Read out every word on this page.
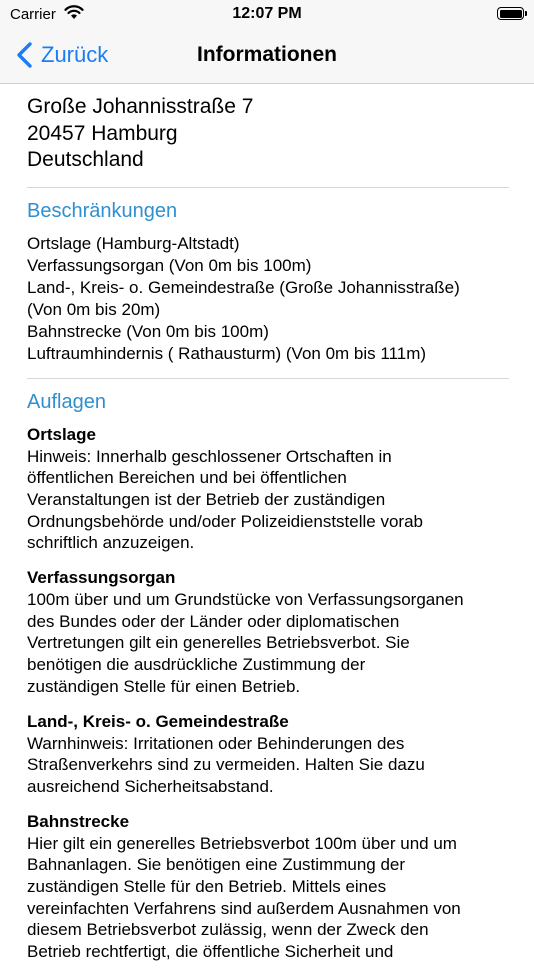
Carrier	12:07 PM
Zurück	Informationen
Große Johannisstraße 7
20457 Hamburg
Deutschland
Beschränkungen
Ortslage (Hamburg-Altstadt)
Verfassungsorgan (Von 0m bis 100m)
Land-, Kreis- o. Gemeindestraße (Große Johannisstraße)
(Von 0m bis 20m)
Bahnstrecke (Von 0m bis 100m)
Luftraumhindernis ( Rathausturm) (Von 0m bis 111m)
Auflagen
Ortslage
Hinweis: Innerhalb geschlossener Ortschaften in
öffentlichen Bereichen und bei öffentlichen
Veranstaltungen ist der Betrieb der zuständigen
Ordnungsbehörde und/oder Polizeidienststelle vorab
schriftlich anzuzeigen.
Verfassungsorgan
100m über und um Grundstücke von Verfassungsorganen
des Bundes oder der Länder oder diplomatischen
Vertretungen gilt ein generelles Betriebsverbot. Sie
benötigen die ausdrückliche Zustimmung der
zuständigen Stelle für einen Betrieb.
Land-, Kreis- o. Gemeindestraße
Warnhinweis: Irritationen oder Behinderungen des
Straßenverkehrs sind zu vermeiden. Halten Sie dazu
ausreichend Sicherheitsabstand.
Bahnstrecke
Hier gilt ein generelles Betriebsverbot 100m über und um
Bahnanlagen. Sie benötigen eine Zustimmung der
zuständigen Stelle für den Betrieb. Mittels eines
vereinfachten Verfahrens sind außerdem Ausnahmen von
diesem Betriebsverbot zulässig, wenn der Zweck den
Betrieb rechtfertigt, die öffentliche Sicherheit und
